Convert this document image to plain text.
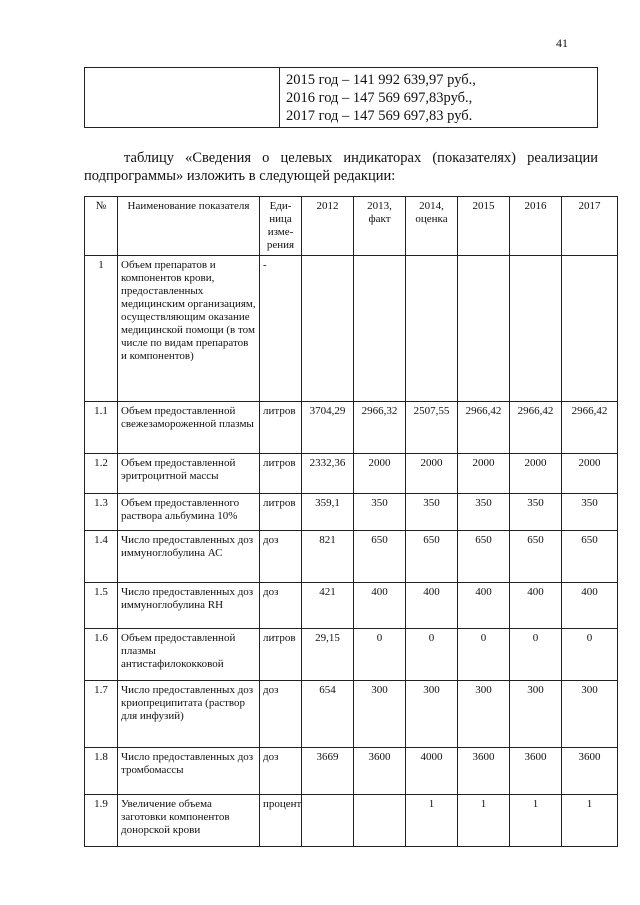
41

2015 год – 141 992 639,97 руб.,
2016 год – 147 569 697,83руб.,
2017 год – 147 569 697,83 руб.

таблицу «Сведения о целевых индикаторах (показателях) реализации подпрограммы» изложить в следующей редакции:

№	Наименование показателя	Еди-ница изме-рения	2012	2013, факт	2014, оценка	2015	2016	2017
1	Объем препаратов и компонентов крови, предоставленных медицинским организациям, осуществляющим оказание медицинской помощи (в том числе по видам препаратов и компонентов)	-						
1.1	Объем предоставленной свежезамороженной плазмы	литров	3704,29	2966,32	2507,55	2966,42	2966,42	2966,42
1.2	Объем предоставленной эритроцитной массы	литров	2332,36	2000	2000	2000	2000	2000
1.3	Объем предоставленного раствора альбумина 10%	литров	359,1	350	350	350	350	350
1.4	Число предоставленных доз иммуноглобулина АС	доз	821	650	650	650	650	650
1.5	Число предоставленных доз иммуноглобулина RH	доз	421	400	400	400	400	400
1.6	Объем предоставленной плазмы антистафилококковой	литров	29,15	0	0	0	0	0
1.7	Число предоставленных доз криопреципитата (раствор для инфузий)	доз	654	300	300	300	300	300
1.8	Число предоставленных доз тромбомассы	доз	3669	3600	4000	3600	3600	3600
1.9	Увеличение объема заготовки компонентов донорской крови	процент			1	1	1	1
